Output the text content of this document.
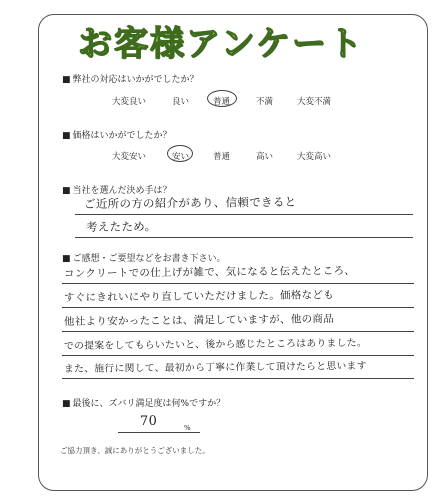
お客様アンケート
■ 弊社の対応はいかがでしたか？
大変良い	良い	普通	不満	大変不満
■ 価格はいかがでしたか？
大変安い	安い	普通	高い	大変高い
■ 当社を選んだ決め手は？
ご近所の方の紹介があり、信頼できると
考えたため。
■ ご感想・ご要望などをお書き下さい。
コンクリートでの仕上げが雑で、気になると伝えたところ、
すぐにきれいにやり直していただけました。価格なども
他社より安かったことは、満足していますが、他の商品
での提案をしてもらいたいと、後から感じたところはありました。
また、施行に関して、最初から丁寧に作業して頂けたらと思います
■ 最後に、ズバリ満足度は何%ですか？
70	%
ご協力頂き、誠にありがとうございました。
